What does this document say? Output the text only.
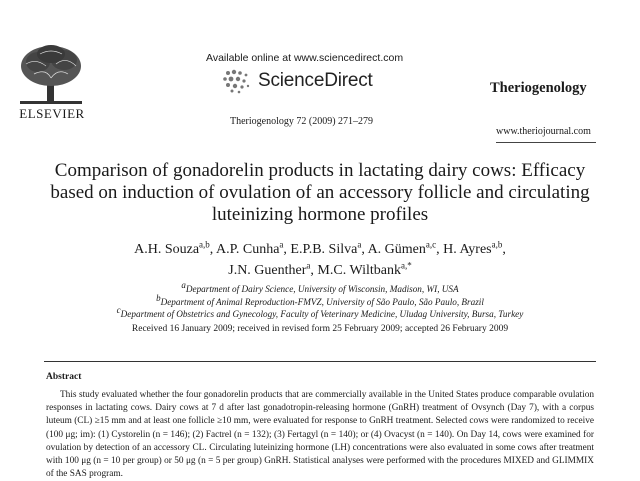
ELSEVIER
Available online at www.sciencedirect.com
ScienceDirect
Theriogenology 72 (2009) 271–279
Theriogenology
www.theriojournal.com
Comparison of gonadorelin products in lactating dairy cows: Efficacy based on induction of ovulation of an accessory follicle and circulating luteinizing hormone profiles
A.H. Souza$^{a,b}$, A.P. Cunha$^a$, E.P.B. Silva$^a$, A. Gümen$^{a,c}$, H. Ayres$^{a,b}$,
J.N. Guenther$^a$, M.C. Wiltbank$^{a,*}$
aDepartment of Dairy Science, University of Wisconsin, Madison, WI, USA
bDepartment of Animal Reproduction-FMVZ, University of São Paulo, São Paulo, Brazil
cDepartment of Obstetrics and Gynecology, Faculty of Veterinary Medicine, Uludag University, Bursa, Turkey
Received 16 January 2009; received in revised form 25 February 2009; accepted 26 February 2009
Abstract
This study evaluated whether the four gonadorelin products that are commercially available in the United States produce comparable ovulation responses in lactating cows. Dairy cows at 7 d after last gonadotropin-releasing hormone (GnRH) treatment of Ovsynch (Day 7), with a corpus luteum (CL) ≥15 mm and at least one follicle ≥10 mm, were evaluated for response to GnRH treatment. Selected cows were randomized to receive (100 μg; im): (1) Cystorelin (n = 146); (2) Factrel (n = 132); (3) Fertagyl (n = 140); or (4) Ovacyst (n = 140). On Day 14, cows were examined for ovulation by detection of an accessory CL. Circulating luteinizing hormone (LH) concentrations were also evaluated in some cows after treatment with 100 μg (n = 10 per group) or 50 μg (n = 5 per group) GnRH. Statistical analyses were performed with the procedures MIXED and GLIMMIX of the SAS program.
